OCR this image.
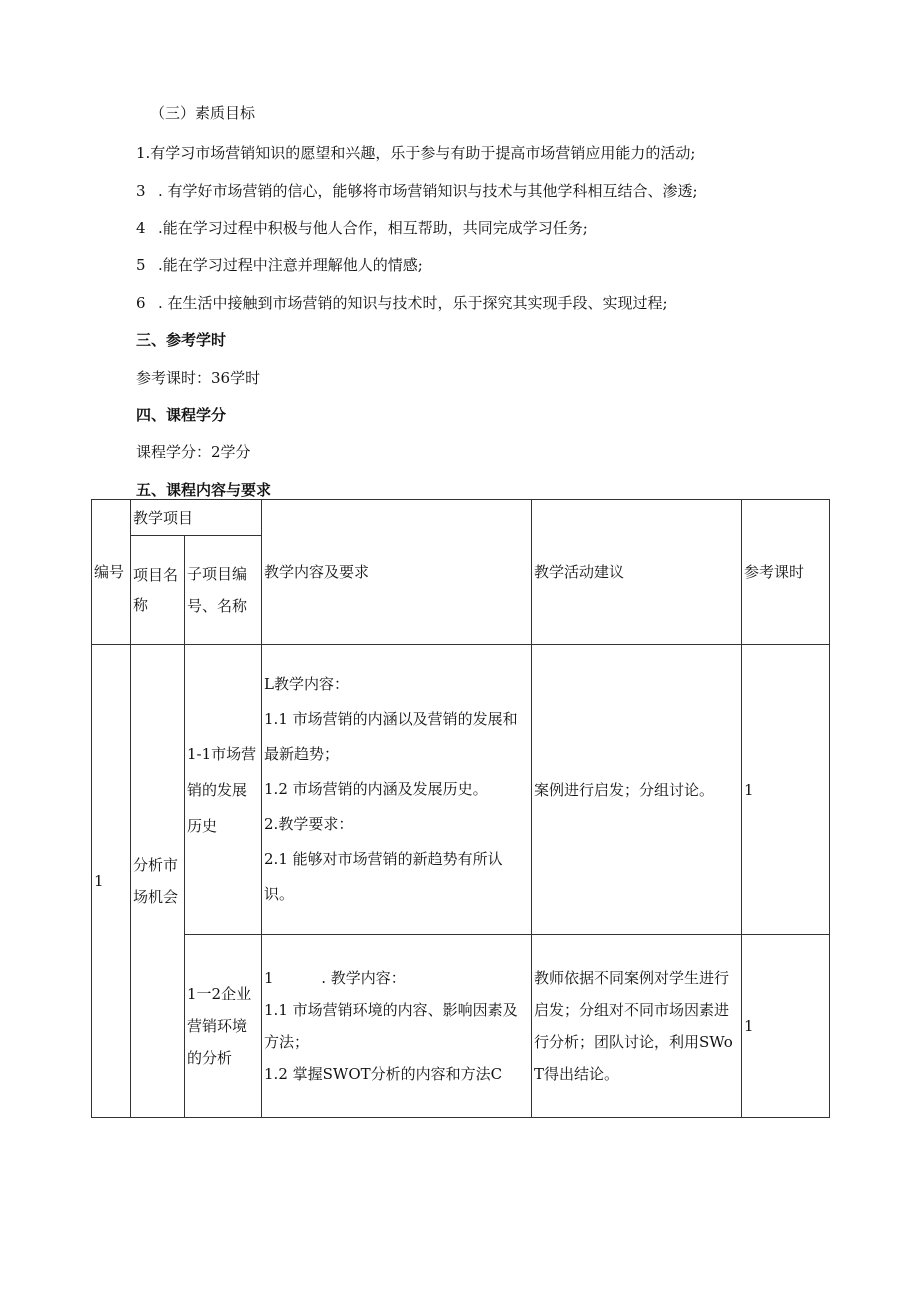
（三）素质目标
1.有学习市场营销知识的愿望和兴趣，乐于参与有助于提高市场营销应用能力的活动;
3 . 有学好市场营销的信心，能够将市场营销知识与技术与其他学科相互结合、渗透;
4 .能在学习过程中积极与他人合作，相互帮助，共同完成学习任务;
5 .能在学习过程中注意并理解他人的情感;
6 . 在生活中接触到市场营销的知识与技术时，乐于探究其实现手段、实现过程;
三、参考学时
参考课时：36学时
四、课程学分
课程学分：2学分
五、课程内容与要求
编号	教学项目		教学内容及要求	教学活动建议	参考课时
	项目名称	子项目编号、名称			
1	分析市场机会	1-1市场营销的发展历史	L教学内容：

1.1 市场营销的内涵以及营销的发展和最新趋势；

1.2 市场营销的内涵及发展历史。

2.教学要求：

2.1 能够对市场营销的新趋势有所认识。	案例进行启发；分组讨论。	1
		1一2企业营销环境的分析	1          . 教学内容：

1.1 市场营销环境的内容、影响因素及方法；

1.2 掌握SWOT分析的内容和方法C	教师依据不同案例对学生进行启发；分组对不同市场因素进行分析；团队讨论，利用SWoT得出结论。	1
